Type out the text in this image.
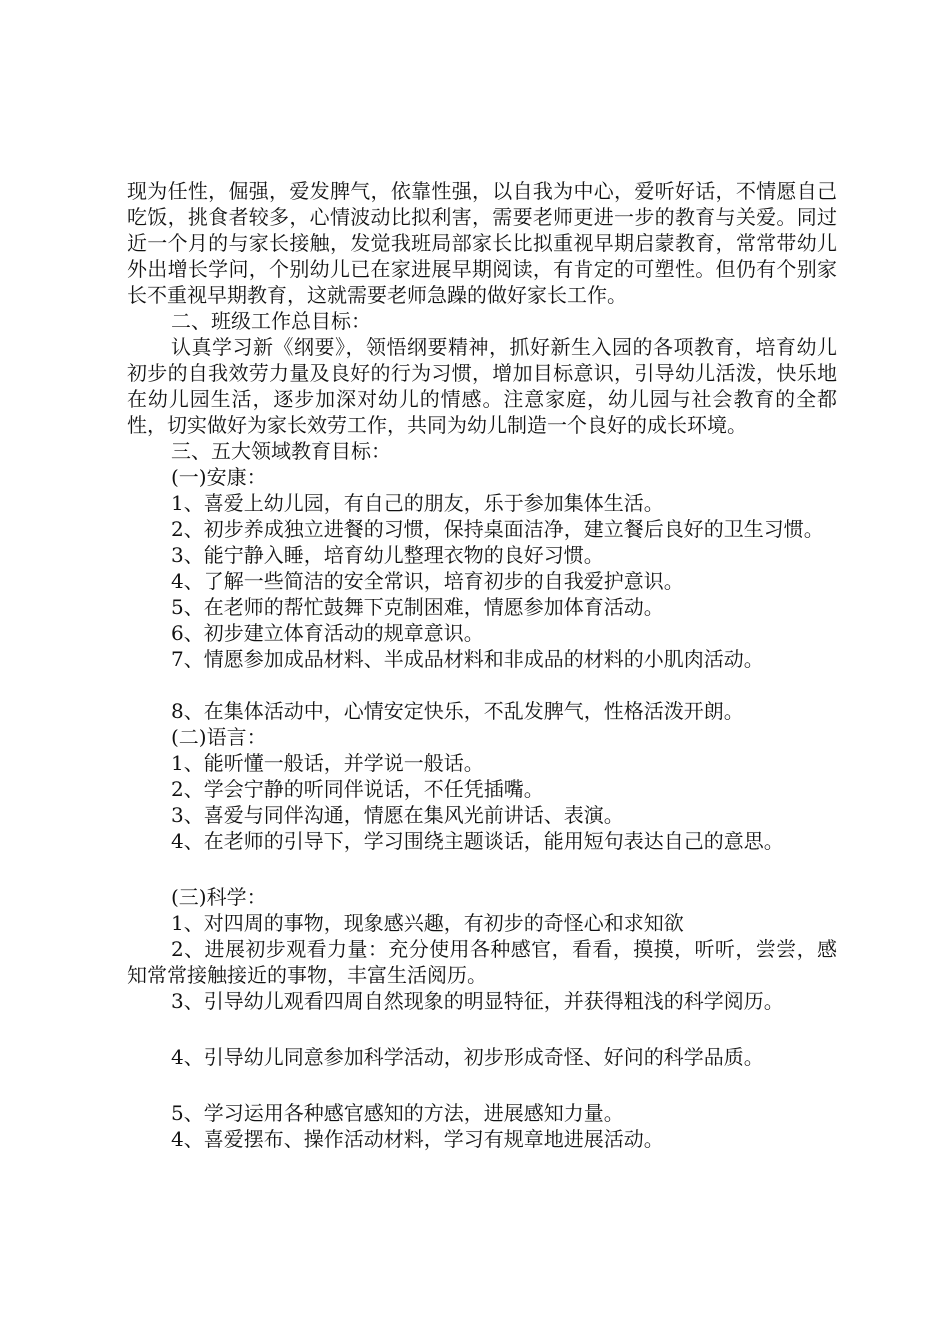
现为任性，倔强，爱发脾气，依靠性强，以自我为中心，爱听好话，不情愿自己吃饭，挑食者较多，心情波动比拟利害，需要老师更进一步的教育与关爱。同过近一个月的与家长接触，发觉我班局部家长比拟重视早期启蒙教育，常常带幼儿外出增长学问，个别幼儿已在家进展早期阅读，有肯定的可塑性。但仍有个别家长不重视早期教育，这就需要老师急躁的做好家长工作。

二、班级工作总目标：

认真学习新《纲要》，领悟纲要精神，抓好新生入园的各项教育，培育幼儿初步的自我效劳力量及良好的行为习惯，增加目标意识，引导幼儿活泼，快乐地在幼儿园生活，逐步加深对幼儿的情感。注意家庭，幼儿园与社会教育的全都性，切实做好为家长效劳工作，共同为幼儿制造一个良好的成长环境。

三、五大领域教育目标：

(一)安康：

1、喜爱上幼儿园，有自己的朋友，乐于参加集体生活。

2、初步养成独立进餐的习惯，保持桌面洁净，建立餐后良好的卫生习惯。

3、能宁静入睡，培育幼儿整理衣物的良好习惯。

4、了解一些简洁的安全常识，培育初步的自我爱护意识。

5、在老师的帮忙鼓舞下克制困难，情愿参加体育活动。

6、初步建立体育活动的规章意识。

7、情愿参加成品材料、半成品材料和非成品的材料的小肌肉活动。

8、在集体活动中，心情安定快乐，不乱发脾气，性格活泼开朗。

(二)语言：

1、能听懂一般话，并学说一般话。

2、学会宁静的听同伴说话，不任凭插嘴。

3、喜爱与同伴沟通，情愿在集风光前讲话、表演。

4、在老师的引导下，学习围绕主题谈话，能用短句表达自己的意思。

(三)科学：

1、对四周的事物，现象感兴趣，有初步的奇怪心和求知欲

2、进展初步观看力量：充分使用各种感官，看看，摸摸，听听，尝尝，感知常常接触接近的事物，丰富生活阅历。

3、引导幼儿观看四周自然现象的明显特征，并获得粗浅的科学阅历。

4、引导幼儿同意参加科学活动，初步形成奇怪、好问的科学品质。

5、学习运用各种感官感知的方法，进展感知力量。

4、喜爱摆布、操作活动材料，学习有规章地进展活动。
